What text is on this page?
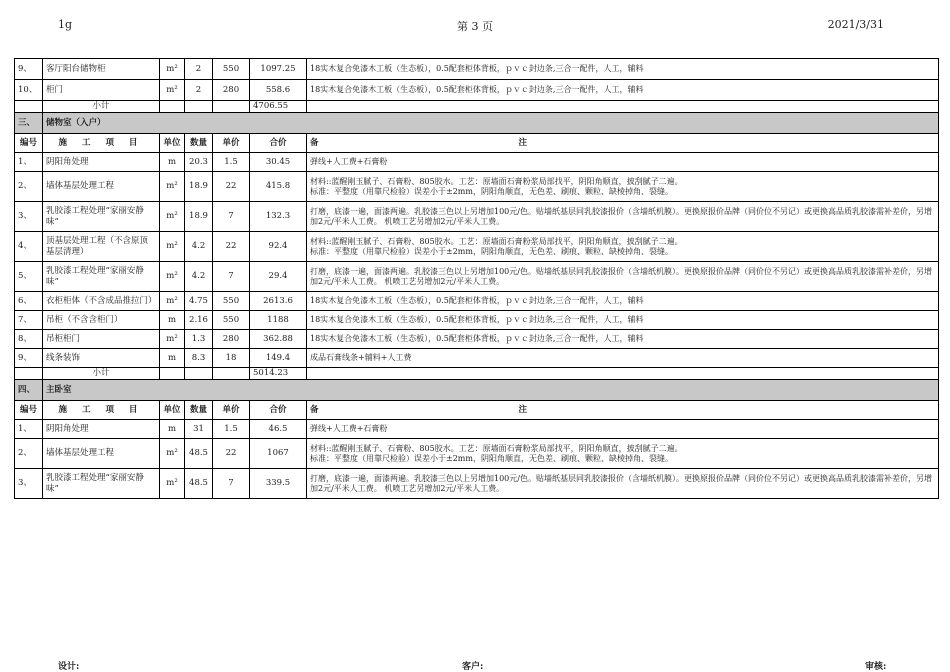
1g	第 3 页	2021/3/31
9、	客厅阳台储物柜	m²	2	550	1097.25	18实木复合免漆木工板（生态板），0.5配套柜体背板，ｐｖｃ封边条,三合一配件，人工，辅料
10、	柜门	m²	2	280	558.6	18实木复合免漆木工板（生态板），0.5配套柜体背板，ｐｖｃ封边条,三合一配件，人工，辅料
	小计				4706.55	
三、	储物室（入户）					
编号	施 工 项 目	单位	数量	单价	合价	备 注
1、	阴阳角处理	m	20.3	1.5	30.45	弹线+人工费+石膏粉
2、	墙体基层处理工程	m²	18.9	22	415.8	材料::蓝醒刚玉腻子、石膏粉、805胶水。工艺：原墙面石膏粉浆局部找平，阴阳角顺直，披刮腻子二遍。
标准：平整度（用靠尺检验）误差小于±2mm，阴阳角顺直，无色差、刷痕、颗粒、缺棱掉角、裂缝。
3、	乳胶漆工程处理“家丽安静味”	m²	18.9	7	132.3	打磨，底漆一遍，面漆两遍。乳胶漆三色以上另增加100元/色。贴墙纸基层同乳胶漆报价（含墙纸机膜）。更换原报价品牌（同价位不另记）或更换高品质乳胶漆需补差价，另增加2元/平米人工费。 机喷工艺另增加2元/平米人工费。
4、	顶基层处理工程（不含原顶基层清理）	m²	4.2	22	92.4	材料::蓝醒刚玉腻子、石膏粉、805胶水。工艺：原墙面石膏粉浆局部找平，阴阳角顺直，披刮腻子二遍。
标准：平整度（用靠尺检验）误差小于±2mm，阴阳角顺直，无色差、刷痕、颗粒、缺棱掉角、裂缝。
5、	乳胶漆工程处理“家丽安静味”	m²	4.2	7	29.4	打磨，底漆一遍，面漆两遍。乳胶漆三色以上另增加100元/色。贴墙纸基层同乳胶漆报价（含墙纸机膜）。更换原报价品牌（同价位不另记）或更换高品质乳胶漆需补差价，另增加2元/平米人工费。 机喷工艺另增加2元/平米人工费。
6、	衣柜柜体（不含成品推拉门）	m²	4.75	550	2613.6	18实木复合免漆木工板（生态板），0.5配套柜体背板，ｐｖｃ封边条,三合一配件，人工，辅料
7、	吊柜（不含含柜门）	m	2.16	550	1188	18实木复合免漆木工板（生态板），0.5配套柜体背板，ｐｖｃ封边条,三合一配件，人工，辅料
8、	吊柜柜门	m²	1.3	280	362.88	18实木复合免漆木工板（生态板），0.5配套柜体背板，ｐｖｃ封边条,三合一配件，人工，辅料
9、	线条装饰	m	8.3	18	149.4	成品石膏线条+辅料+人工费
	小计				5014.23	
四、	主卧室					
编号	施 工 项 目	单位	数量	单价	合价	备 注
1、	阴阳角处理	m	31	1.5	46.5	弹线+人工费+石膏粉
2、	墙体基层处理工程	m²	48.5	22	1067	材料::蓝醒刚玉腻子、石膏粉、805胶水。工艺：原墙面石膏粉浆局部找平，阴阳角顺直，披刮腻子二遍。
标准：平整度（用靠尺检验）误差小于±2mm，阴阳角顺直，无色差、刷痕、颗粒、缺棱掉角、裂缝。
3、	乳胶漆工程处理“家丽安静味”	m²	48.5	7	339.5	打磨，底漆一遍，面漆两遍。乳胶漆三色以上另增加100元/色。贴墙纸基层同乳胶漆报价（含墙纸机膜）。更换原报价品牌（同价位不另记）或更换高品质乳胶漆需补差价，另增加2元/平米人工费。 机喷工艺另增加2元/平米人工费。
设计:	客户:	审核:
